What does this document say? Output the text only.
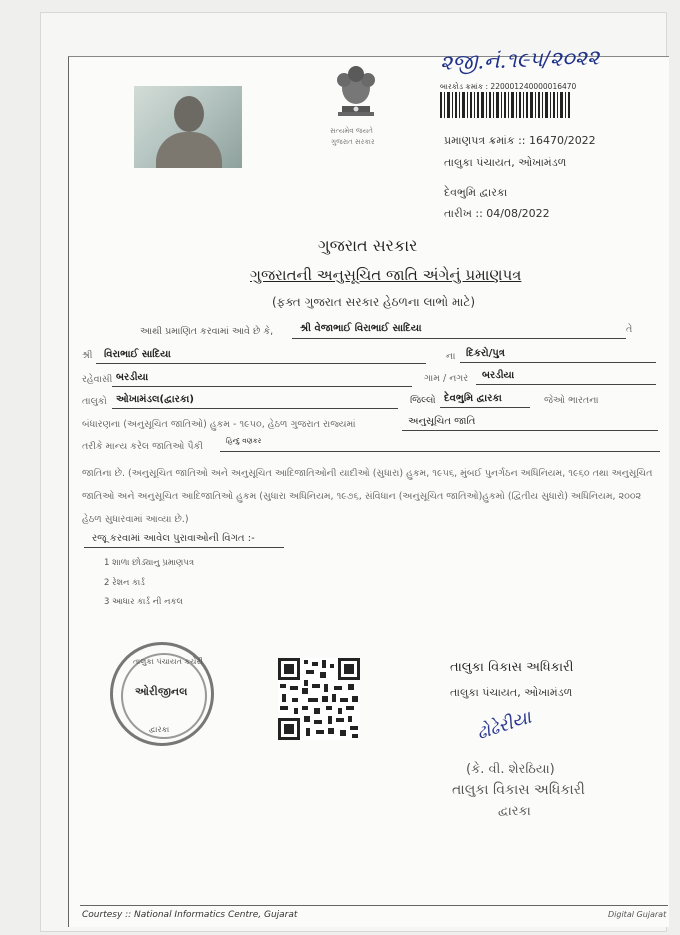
સત્યમેવ જયતે
ગુજરાત સરકાર
૨જી.નં.૧૯૫/૨૦૨૨
બારકોડ ક્રમાંક : 220001240000016470
પ્રમાણપત્ર ક્રમાંક :: 16470/2022
તાલુકા પંચાયત, ઓખામંડળ
દેવભુમિ દ્વારકા
તારીખ :: 04/08/2022
ગુજરાત સરકાર
ગુજરાતની અનુસૂચિત જાતિ અંગેનું પ્રમાણપત્ર
(ફક્ત ગુજરાત સરકાર હેઠળના લાભો માટે)
આથી પ્રમાણિત કરવામાં આવે છે કે,	શ્રી વેજાભાઈ વિરાભાઈ સાદિયા	તે
શ્રી વિરાભાઈ સાદિયા	ના દિકરો/પુત્ર
રહેવાસી બરડીયા	ગામ / નગર બરડીયા
તાલુકો ઓખામંડલ(દ્વારકા)	જિલ્લો દેવભુમિ દ્વારકા	જેઓ ભારતના
બંધારણના (અનુસૂચિત જાતિઓ) હુકમ - ૧૯૫૦, હેઠળ ગુજરાત રાજ્યમાં	અનુસૂચિત જાતિ
તરીકે માન્ય કરેલ જાતિઓ પૈકી	હિન્દુ વણકર
જાતિના છે. (અનુસૂચિત જાતિઓ અને અનુસૂચિત આદિજાતિઓની યાદીઓ (સુધારા) હુકમ, ૧૯૫૬, મુંબઈ પુનર્ગઠન અધિનિયમ, ૧૯૬૦ તથા અનુસૂચિત જાતિઓ અને અનુસૂચિત આદિજાતિઓ હુકમ (સુધારા અધિનિયમ, ૧૯૭૬, સંવિધાન (અનુસૂચિત જાતિઓ)હુકમો (દ્વિતીય સુધારો) અધિનિયમ, ૨૦૦૨ હેઠળ સુધારવામાં આવ્યા છે.)
રજૂ કરવામાં આવેલ પુરાવાઓની વિગત :-
1 શાળા છોડ્યાનુ પ્રમાણપત્ર
2 રેશન કાર્ડ
3 આધાર કાર્ડ ની નકલ
તાલુકા પંચાયત કચેરી
ઓરીજીનલ
દ્વારકા
તાલુકા વિકાસ અધિકારી
તાલુકા પંચાયત, ઓખામંડળ
ઢોઢેરીયા
(કે. વી. શેરઠિયા)
તાલુકા વિકાસ અધિકારી
દ્વારકા
Courtesy :: National Informatics Centre, Gujarat	Digital Gujarat
